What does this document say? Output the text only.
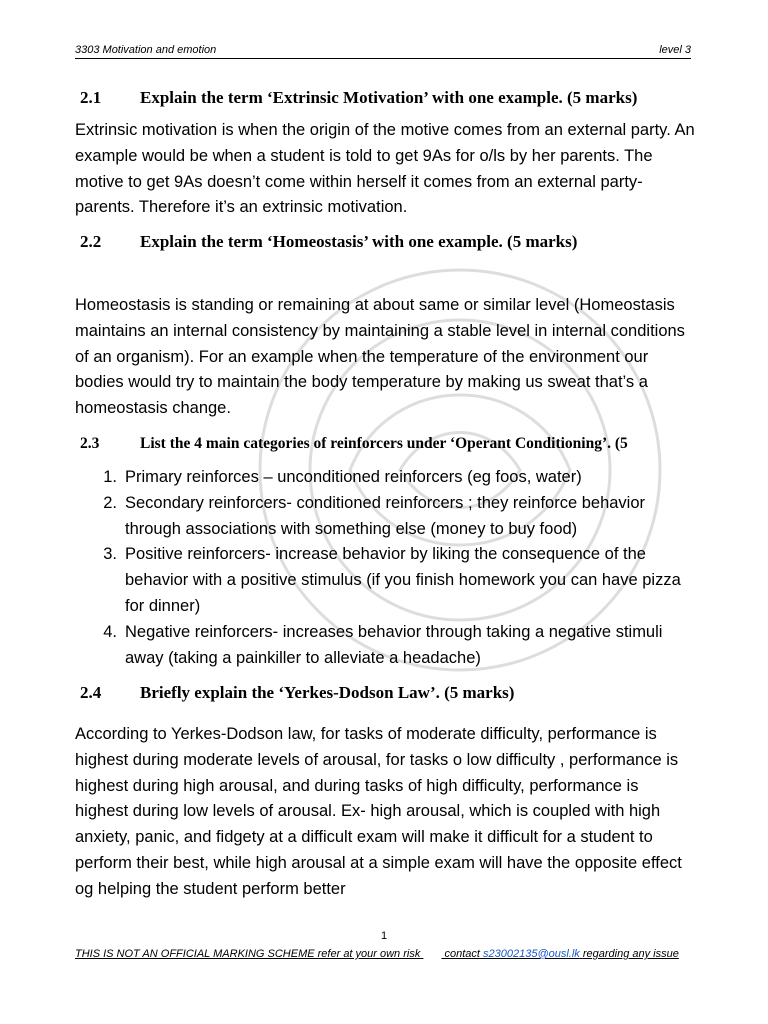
3303 Motivation and emotion	level 3
2.1 Explain the term ‘Extrinsic Motivation’ with one example. (5 marks)
Extrinsic motivation is when the origin of the motive comes from an external party. An example would be when a student is told to get 9As for o/ls by her parents. The motive to get 9As doesn’t come within herself it comes from an external party-parents. Therefore it’s an extrinsic motivation.
2.2 Explain the term ‘Homeostasis’ with one example. (5 marks)
Homeostasis is standing or remaining at about same or similar level (Homeostasis maintains an internal consistency by maintaining a stable level in internal conditions of an organism). For an example when the temperature of the environment our bodies would try to maintain the body temperature by making us sweat that’s a homeostasis change.
2.3	List the 4 main categories of reinforcers under ‘Operant Conditioning’. (5
1. Primary reinforces – unconditioned reinforcers (eg foos, water)
2. Secondary reinforcers- conditioned reinforcers ; they reinforce behavior through associations with something else (money to buy food)
3. Positive reinforcers- increase behavior by liking the consequence of the behavior with a positive stimulus (if you finish homework you can have pizza for dinner)
4. Negative reinforcers- increases behavior through taking a negative stimuli away (taking a painkiller to alleviate a headache)
2.4 Briefly explain the ‘Yerkes-Dodson Law’. (5 marks)
According to Yerkes-Dodson law, for tasks of moderate difficulty, performance is highest during moderate levels of arousal, for tasks o low difficulty , performance is highest during high arousal, and during tasks of high difficulty, performance is highest during low levels of arousal. Ex- high arousal, which is coupled with high anxiety, panic, and fidgety at a difficult exam will make it difficult for a student to perform their best, while high arousal at a simple exam will have the opposite effect og helping the student perform better
1
THIS IS NOT AN OFFICIAL MARKING SCHEME refer at your own risk contact s23002135@ousl.lk regarding any issue
